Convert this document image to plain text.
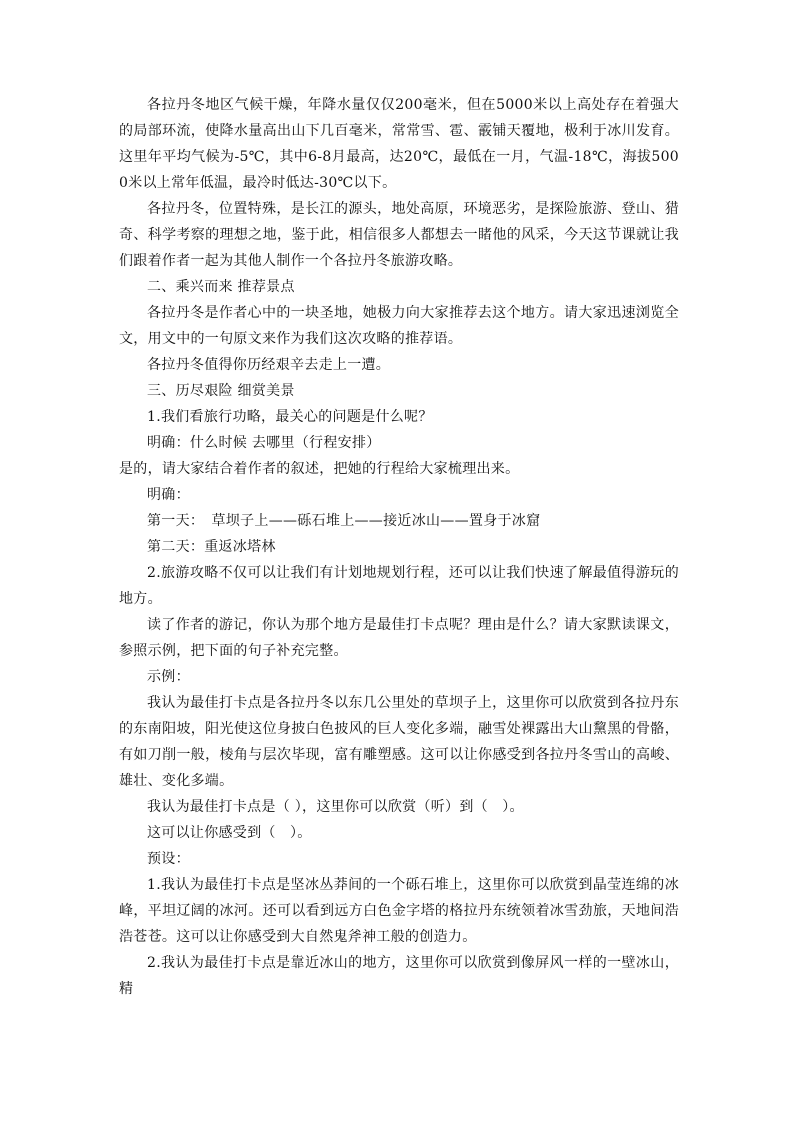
各拉丹冬地区气候干燥，年降水量仅仅200毫米，但在5000米以上高处存在着强大的局部环流，使降水量高出山下几百毫米，常常雪、雹、霰铺天覆地，极利于冰川发育。这里年平均气候为-5℃，其中6-8月最高，达20℃，最低在一月，气温-18℃，海拔5000米以上常年低温，最冷时低达-30℃以下。

各拉丹冬，位置特殊，是长江的源头，地处高原，环境恶劣，是探险旅游、登山、猎奇、科学考察的理想之地，鉴于此，相信很多人都想去一睹他的风采，今天这节课就让我们跟着作者一起为其他人制作一个各拉丹冬旅游攻略。

二、乘兴而来 推荐景点

各拉丹冬是作者心中的一块圣地，她极力向大家推荐去这个地方。请大家迅速浏览全文，用文中的一句原文来作为我们这次攻略的推荐语。

各拉丹冬值得你历经艰辛去走上一遭。

三、历尽艰险 细赏美景

1.我们看旅行功略，最关心的问题是什么呢？

明确：什么时候 去哪里（行程安排）

是的，请大家结合着作者的叙述，把她的行程给大家梳理出来。

明确：

第一天：　草坝子上——砾石堆上——接近冰山——置身于冰窟

第二天：重返冰塔林

2.旅游攻略不仅可以让我们有计划地规划行程，还可以让我们快速了解最值得游玩的地方。

读了作者的游记，你认为那个地方是最佳打卡点呢？理由是什么？请大家默读课文，参照示例，把下面的句子补充完整。

示例：

我认为最佳打卡点是各拉丹冬以东几公里处的草坝子上，这里你可以欣赏到各拉丹东的东南阳坡，阳光使这位身披白色披风的巨人变化多端，融雪处裸露出大山黧黑的骨骼，有如刀削一般，棱角与层次毕现，富有雕塑感。这可以让你感受到各拉丹冬雪山的高峻、雄壮、变化多端。

我认为最佳打卡点是（ ），这里你可以欣赏（听）到（　）。

这可以让你感受到（　）。

预设：

1.我认为最佳打卡点是坚冰丛莽间的一个砾石堆上，这里你可以欣赏到晶莹连绵的冰峰，平坦辽阔的冰河。还可以看到远方白色金字塔的格拉丹东统领着冰雪劲旅，天地间浩浩苍苍。这可以让你感受到大自然鬼斧神工般的创造力。

2.我认为最佳打卡点是靠近冰山的地方，这里你可以欣赏到像屏风一样的一壁冰山，精
